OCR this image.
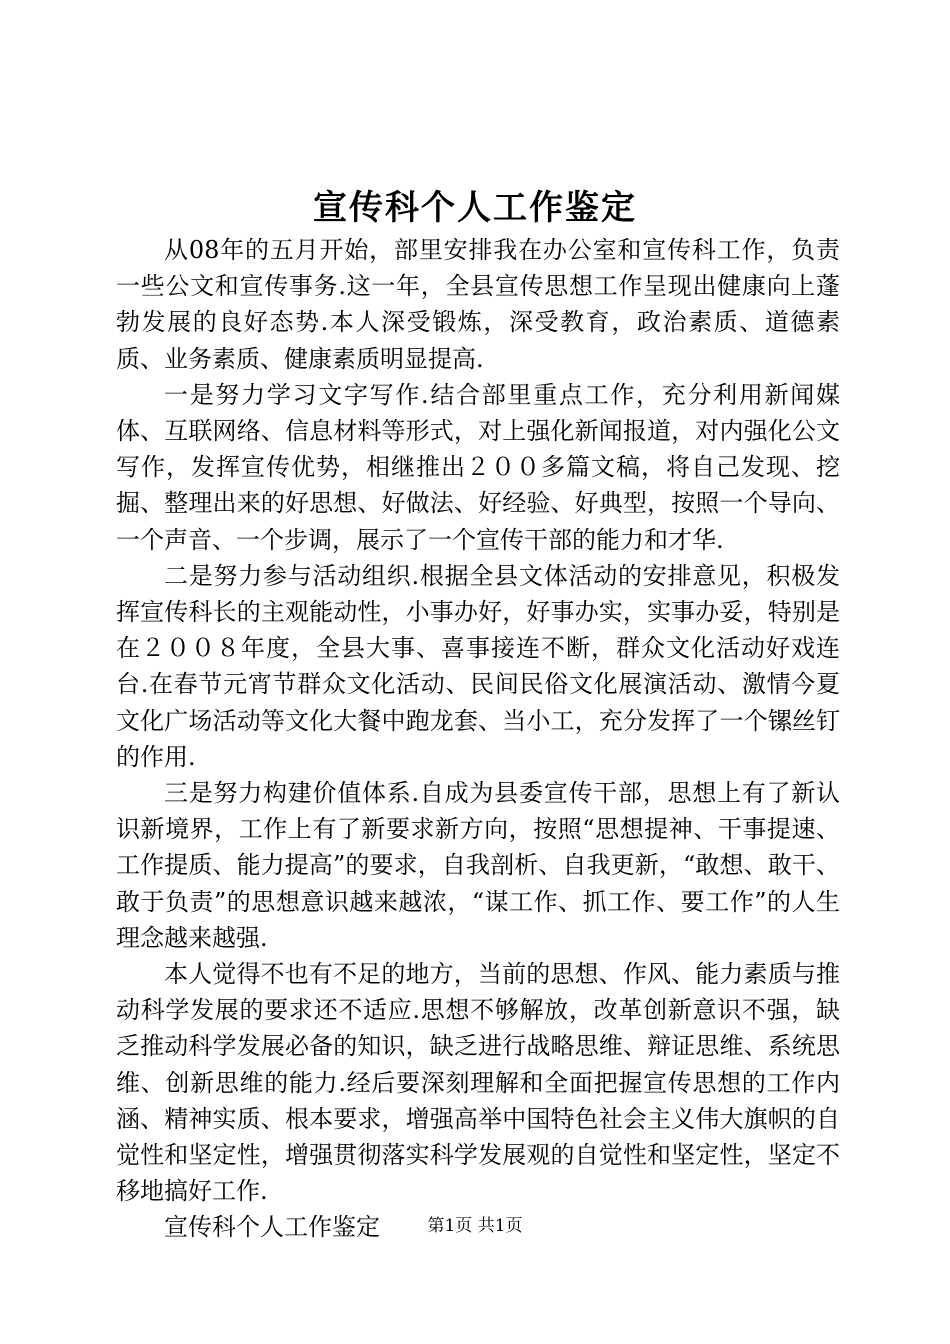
宣传科个人工作鉴定

从08年的五月开始，部里安排我在办公室和宣传科工作，负责一些公文和宣传事务.这一年，全县宣传思想工作呈现出健康向上蓬勃发展的良好态势.本人深受锻炼，深受教育，政治素质、道德素质、业务素质、健康素质明显提高.

一是努力学习文字写作.结合部里重点工作，充分利用新闻媒体、互联网络、信息材料等形式，对上强化新闻报道，对内强化公文写作，发挥宣传优势，相继推出２００多篇文稿，将自己发现、挖掘、整理出来的好思想、好做法、好经验、好典型，按照一个导向、一个声音、一个步调，展示了一个宣传干部的能力和才华.

二是努力参与活动组织.根据全县文体活动的安排意见，积极发挥宣传科长的主观能动性，小事办好，好事办实，实事办妥，特别是在２００８年度，全县大事、喜事接连不断，群众文化活动好戏连台.在春节元宵节群众文化活动、民间民俗文化展演活动、激情今夏文化广场活动等文化大餐中跑龙套、当小工，充分发挥了一个镙丝钉的作用.

三是努力构建价值体系.自成为县委宣传干部，思想上有了新认识新境界，工作上有了新要求新方向，按照“思想提神、干事提速、工作提质、能力提高”的要求，自我剖析、自我更新，“敢想、敢干、敢于负责”的思想意识越来越浓，“谋工作、抓工作、要工作”的人生理念越来越强.

本人觉得不也有不足的地方，当前的思想、作风、能力素质与推动科学发展的要求还不适应.思想不够解放，改革创新意识不强，缺乏推动科学发展必备的知识，缺乏进行战略思维、辩证思维、系统思维、创新思维的能力.经后要深刻理解和全面把握宣传思想的工作内涵、精神实质、根本要求，增强高举中国特色社会主义伟大旗帜的自觉性和坚定性，增强贯彻落实科学发展观的自觉性和坚定性，坚定不移地搞好工作.

宣传科个人工作鉴定	第1页 共1页
